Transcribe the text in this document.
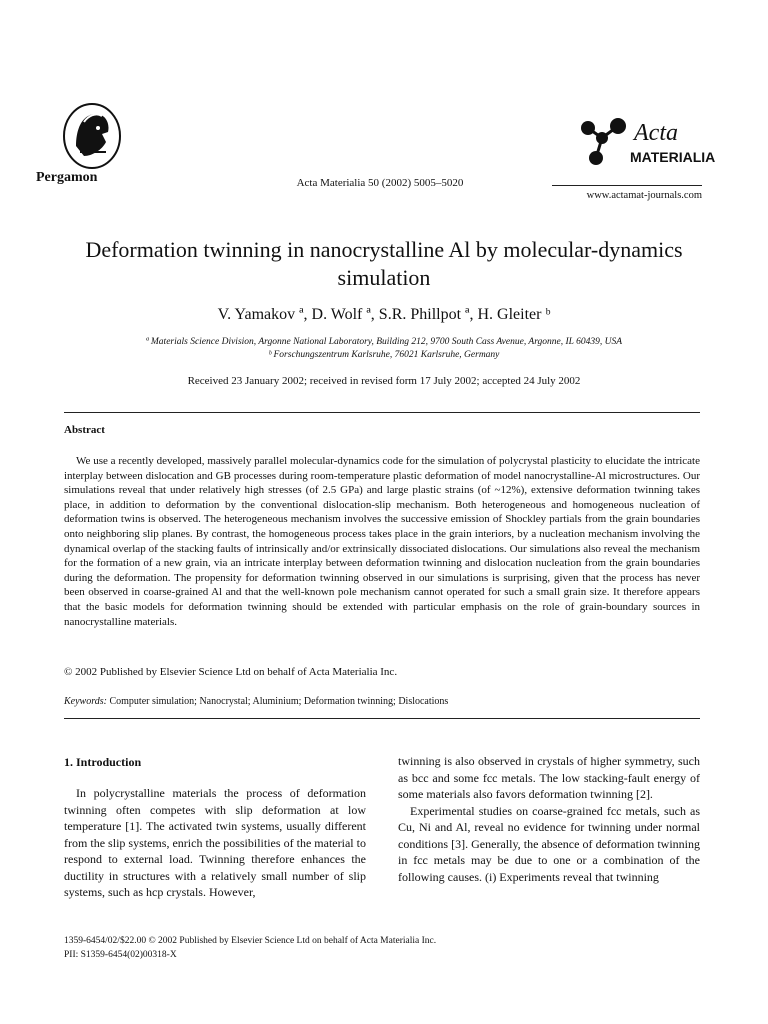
Pergamon	Acta Materialia 50 (2002) 5005–5020
Acta
MATERIALIA
www.actamat-journals.com
Deformation twinning in nanocrystalline Al by molecular-dynamics simulation
V. Yamakov ª, D. Wolf ª, S.R. Phillpot ª, H. Gleiter ᵇ
ª Materials Science Division, Argonne National Laboratory, Building 212, 9700 South Cass Avenue, Argonne, IL 60439, USA
ᵇ Forschungszentrum Karlsruhe, 76021 Karlsruhe, Germany
Received 23 January 2002; received in revised form 17 July 2002; accepted 24 July 2002
Abstract
We use a recently developed, massively parallel molecular-dynamics code for the simulation of polycrystal plasticity to elucidate the intricate interplay between dislocation and GB processes during room-temperature plastic deformation of model nanocrystalline-Al microstructures. Our simulations reveal that under relatively high stresses (of 2.5 GPa) and large plastic strains (of ~12%), extensive deformation twinning takes place, in addition to deformation by the conventional dislocation-slip mechanism. Both heterogeneous and homogeneous nucleation of deformation twins is observed. The heterogeneous mechanism involves the successive emission of Shockley partials from the grain boundaries onto neighboring slip planes. By contrast, the homogeneous process takes place in the grain interiors, by a nucleation mechanism involving the dynamical overlap of the stacking faults of intrinsically and/or extrinsically dissociated dislocations. Our simulations also reveal the mechanism for the formation of a new grain, via an intricate interplay between deformation twinning and dislocation nucleation from the grain boundaries during the deformation. The propensity for deformation twinning observed in our simulations is surprising, given that the process has never been observed in coarse-grained Al and that the well-known pole mechanism cannot operated for such a small grain size. It therefore appears that the basic models for deformation twinning should be extended with particular emphasis on the role of grain-boundary sources in nanocrystalline materials.
© 2002 Published by Elsevier Science Ltd on behalf of Acta Materialia Inc.
Keywords: Computer simulation; Nanocrystal; Aluminium; Deformation twinning; Dislocations
1. Introduction

In polycrystalline materials the process of deformation twinning often competes with slip deformation at low temperature [1]. The activated twin systems, usually different from the slip systems, enrich the possibilities of the material to respond to external load. Twinning therefore enhances the ductility in structures with a relatively small number of slip systems, such as hcp crystals. However,

twinning is also observed in crystals of higher symmetry, such as bcc and some fcc metals. The low stacking-fault energy of some materials also favors deformation twinning [2].

Experimental studies on coarse-grained fcc metals, such as Cu, Ni and Al, reveal no evidence for twinning under normal conditions [3]. Generally, the absence of deformation twinning in fcc metals may be due to one or a combination of the following causes. (i) Experiments reveal that twinning

1359-6454/02/$22.00 © 2002 Published by Elsevier Science Ltd on behalf of Acta Materialia Inc.
PII: S1359-6454(02)00318-X
